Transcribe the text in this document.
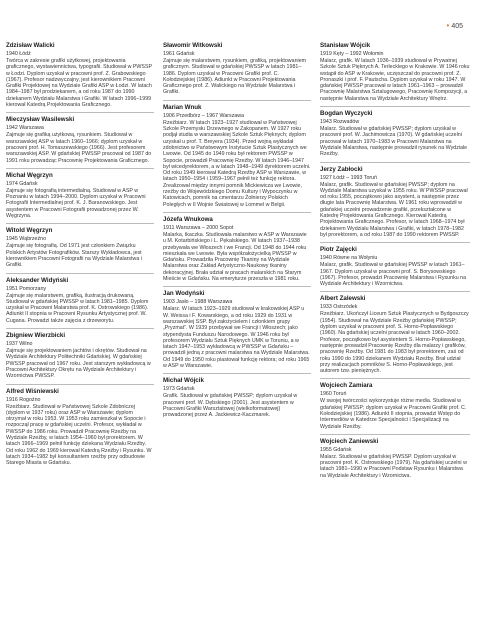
• 405
Zdzisław Walicki
1940 Łódź
Twórca w zakresie grafiki użytkowej, projektowania graficznego, wystawiennictwa, typografii. Studiował w PWSSP w Łodzi. Dyplom uzyskał w pracowni prof. Z. Grabowskiego (1967). Profesor nadzwyczajny, jest kierownikiem Pracowni Grafiki Projektowej na Wydziale Grafiki ASP w Łodzi. W latach 1984–1987 był prodziekanem, a od roku 1987 do 1990 dziekanem Wydziału Malarstwa i Grafiki. W latach 1996–1999 kierował Katedrą Projektowania Graficznego.
Mieczysław Wasilewski
1942 Warszawa
Zajmuje się grafiką użytkową, rysunkiem. Studiował w warszawskiej ASP w latach 1960–1966; dyplom uzyskał w pracowni prof. H. Tomaszewskiego (1966). Jest profesorem warszawskiej ASP. W gdańskiej PWSSP pracował od 1987 do 1991 roku prowadząc Pracownię Projektowania Graficznego.
Michał Węgrzyn
1974 Gdańsk
Zajmuje się fotografią intermedialną. Studiował w ASP w Poznaniu w latach 1994–2000. Dyplom uzyskał w Pracowni Fotografii Intermedialnej prof. K. J. Baranowskiego. Jest asystentem w Pracowni Fotografii prowadzonej przez W. Węgrzyna.
Witold Węgrzyn
1945 Wąbrzeźno
Zajmuje się fotografią. Od 1971 jest członkiem Związku Polskich Artystów Fotografików. Starszy Wykładowca, jest kierownikiem Pracowni Fotografii na Wydziale Malarstwa i Grafiki.
Aleksander Widyński
1951 Pomorzany
Zajmuje się malarstwem, grafiką, ilustracją drukowaną. Studiował w gdańskiej PWSSP w latach 1981–1985. Dyplom uzyskał w Pracowni Malarstwa prof. K. Ostrowskiego (1986). Adiunkt II stopnia w Pracowni Rysunku Artystycznej prof. W. Cugana. Prowadzi także zajęcia z drzeworytu.
Zbigniew Wierzbicki
1937 Wilno
Zajmuje się projektowaniem jachtów i okrętów. Studiował na Wydziale Architektury Politechniki Gdańskiej. W gdańskiej PWSSP pracował od 1967 roku. Jest starszym wykładowcą w Pracowni Architektury Okrętu na Wydziale Architektury i Wzornictwa PWSSP.
Alfred Wiśniewski
1916 Rogoźno
Rzeźbiarz. Studiował w Państwowej Szkole Zdobniczej (dyplom w 1937 roku) oraz ASP w Warszawie; dyplom otrzymał w roku 1953. W 1953 roku zamieszkał w Sopocie i rozpoczął pracę w gdańskiej uczelni. Profesor, wykładał w PWSSP do 1986 roku. Prowadził Pracownię Rzeźby na Wydziale Rzeźby, w latach 1954–1960 był prorektorem. W latach 1966–1969 pełnił funkcję dziekana Wydziału Rzeźby. Od roku 1962 do 1969 kierował Katedrą Rzeźby i Rysunku. W latach 1934–1982 był konsultantem rzeźby przy odbudowie Starego Miasta w Gdańsku.
Sławomir Witkowski
1961 Gdańsk
Zajmuje się malarstwem, rysunkiem, grafiką, projektowaniem graficznym. Studiował w gdańskiej PWSSP w latach 1981–1986. Dyplom uzyskał w Pracowni Grafiki prof. C. Kołodziejskiej (1986). Adiunkt w Pracowni Projektowania Graficznego prof. Z. Walickiego na Wydziale Malarstwa i Grafiki.
Marian Wnuk
1906 Przedbórz – 1967 Warszawa
Rzeźbiarz. W latach 1923–1927 studiował w Państwowej Szkole Przemysłu Drzewnego w Zakopanem. W 1927 roku podjął studia w warszawskiej Szkole Sztuk Pięknych; dyplom uzyskał u prof. T. Breyera (1934). Przed wojną wykładał zdobnictwo w Państwowym Instytucie Sztuk Plastycznych we Lwowie. Od 1945 do 1949 roku był rektorem PWSSP w Sopocie, prowadził Pracownię Rzeźby. W latach 1946–1947 był wicedyrektorem, a w latach 1948–1949 dyrektorem uczelni. Od roku 1949 kierował Katedrą Rzeźby ASP w Warszawie, w latach 1950–1954 i 1959–1967 pełnił też funkcję rektora. Zrealizował między innymi pomnik Mickiewicza we Lwowie, rzeźby do Wojewódzkiego Domu Kultury i Wypoczynku w Katowicach, pomnik na cmentarzu Żołnierzy Polskich Poległych w II Wojnie Światowej w Lommel w Belgii.
Józefa Wnukowa
1911 Warszawa – 2000 Sopot
Malarka, tkaczka. Studiowała malarstwo w ASP w Warszawie u M. Kotarbińskiego i L. Pękalskiego. W latach 1937–1938 przebywała we Włoszech i we Francji. Od 1948 do 1944 roku mieszkała we Lwowie. Była współzałożycielką PWSSP w Gdańsku. Prowadziła Pracownię Tkaniny na Wydziale Malarstwa oraz Zakład Artystyczno-Naukowy tkaniny dekoracyjnej. Brała udział w pracach malarskich na Starym Mieście w Gdańsku. Na emeryturze przeszła w 1981 roku.
Jan Wodyński
1903 Jasło – 1988 Warszawa
Malarz. W latach 1923–1929 studiował w krakowskiej ASP u W. Weissa i F. Kowarskiego, a od roku 1929 do 1931 w warszawskiej SSP. Był założycielem i członkiem grupy „Pryzmat”. W 1939 przebywał we Francji i Włoszech; jako stypendysta Funduszu Narodowego. W 1946 roku był profesorem Wydziału Sztuk Pięknych UMK w Toruniu, a w latach 1947–1953 wykładowcą w PWSSP w Gdańsku – prowadził jedną z pracowni malarstwa na Wydziale Malarstwa. Od 1949 do 1950 roku piastował funkcję rektora; od roku 1965 w ASP w Warszawie.
Michał Wójcik
1973 Gdańsk
Grafik. Studiował w gdańskiej PWSSP; dyplom uzyskał w pracowni prof. W. Dębskiego (2001). Jest asystentem w Pracowni Grafiki Warsztatowej (wielkoformatowej) prowadzonej przez A. Jackiewicz-Kaczmarek.
Stanisław Wójcik
1919 Kęty – 1992 Wołomin
Malarz, grafik. W latach 1936–1939 studiował w Prywatnej Szkole Sztuk Pięknych A. Terlecklego w Krakowie. W 1946 roku wstąpił do ASP w Krakowie, uczęszczał do pracowni prof. Z. Pronaszki i prof. F. Pautscha. Dyplom uzyskał w roku 1947. W gdańskiej PWSSP pracował w latach 1961–1963 – prowadził Pracownię Malarstwa Sztalugowego, Pracownię Kompozycji, a następnie Malarstwa na Wydziale Architektury Wnętrz.
Bogdan Wyczycki
1943 Rozwadów
Malarz. Studiował w gdańskiej PWSSP; dyplom uzyskał w pracowni prof. W. Jachimowicza (1970). W gdańskiej uczelni pracował w latach 1970–1983 w Pracowni Malarstwa na Wydziale Malarstwa, następnie prowadził rysunek na Wydziale Rzeźby.
Jerzy Zabłocki
1927 Łódź – 1993 Toruń
Malarz, grafik. Studiował w gdańskiej PWSSP; dyplom na Wydziale Malarstwa uzyskał w 1955 roku. W PWSSP pracował od roku 1955, początkowo jako asystent, a następnie przez długie lata Pracownię Malarstwa. W 1961 roku wprowadził w gdańskiej uczelni prowadzenie grafiki, przekształcone w Katedrę Projektowania Graficznego. Kierował Katedrą Projektowania Graficznego. Profesor, w latach 1968–1974 był dziekanem Wydziału Malarstwa i Grafiki, w latach 1978–1982 był prorektorem, a od roku 1987 do 1990 rektorem PWSSP.
Piotr Zajęcki
1940 Równe na Wołyniu
Malarz, grafik. Studiował w gdańskiej PWSSP w latach 1961–1967. Dyplom uzyskał w pracowni prof. S. Borysowskiego (1967). Profesor, prowadzi Pracownię Malarstwa i Rysunku na Wydziale Architektury i Wzornictwa.
Albert Zalewski
1933 Ostrzódek
Rzeźbiarz. Ukończył Liceum Sztuk Plastycznych w Bydgoszczy (1954). Studiował na Wydziale Rzeźby gdańskiej PWSSP; dyplom uzyskał w pracowni prof. S. Horno-Popławskiego (1960). Na gdańskiej uczelni pracował w latach 1960–2002. Profesor, początkowo był asystentem S. Horno-Popławskiego, następnie prowadził Pracownię Rzeźby dla malarzy i grafików, pracownię Rzeźby. Od 1981 do 1983 był prorektorem, zaś od roku 1990 do 1990 dziekanem Wydziału Rzeźby. Brał udział przy realizacjach pomników S. Horno-Popławskiego, jest autorem tzw. pieniężnych.
Wojciech Zamiara
1960 Toruń
W swojej twórczości wykorzystuje różne media. Studiował w gdańskiej PWSSP; dyplom uzyskał w Pracowni Grafiki prof. C. Kołodziejskiej (1986). Adiunkt II stopnia, prowadzi Wstęp do Intermediów w Katedrze Specjalności i Specjalizacji na Wydziale Rzeźby.
Wojciech Zaniewski
1955 Gdańsk
Malarz. Studiował w gdańskiej PWSSP. Dyplom uzyskał w pracowni prof. K. Ostrowskiego (1979). Na gdańskiej uczelni w latach 1981–1990 w Pracowni Podstaw Rysunku i Malarstwa na Wydziale Architektury i Wzornictwa.
